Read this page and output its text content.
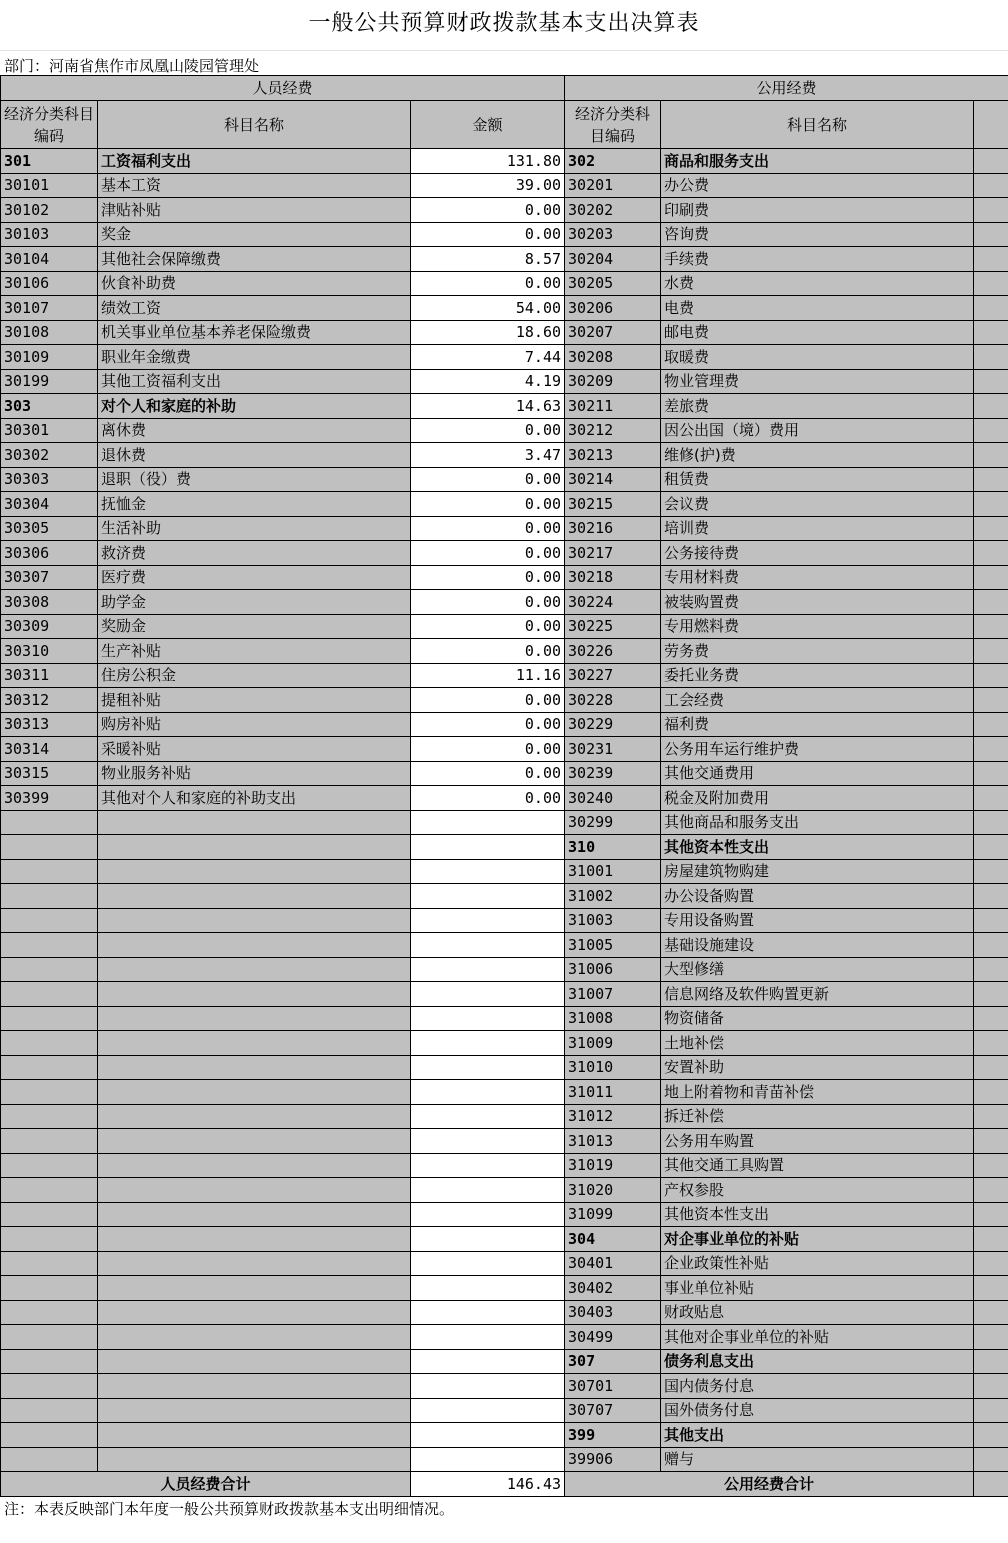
一般公共预算财政拨款基本支出决算表
部门：河南省焦作市凤凰山陵园管理处
人员经费			公用经费		
经济分类科目编码	科目名称	金额	经济分类科目编码	科目名称	
301	工资福利支出	131.80	302	商品和服务支出	
30101	基本工资	39.00	30201	办公费	
30102	津贴补贴	0.00	30202	印刷费	
30103	奖金	0.00	30203	咨询费	
30104	其他社会保障缴费	8.57	30204	手续费	
30106	伙食补助费	0.00	30205	水费	
30107	绩效工资	54.00	30206	电费	
30108	机关事业单位基本养老保险缴费	18.60	30207	邮电费	
30109	职业年金缴费	7.44	30208	取暖费	
30199	其他工资福利支出	4.19	30209	物业管理费	
303	对个人和家庭的补助	14.63	30211	差旅费	
30301	离休费	0.00	30212	因公出国（境）费用	
30302	退休费	3.47	30213	维修(护)费	
30303	退职（役）费	0.00	30214	租赁费	
30304	抚恤金	0.00	30215	会议费	
30305	生活补助	0.00	30216	培训费	
30306	救济费	0.00	30217	公务接待费	
30307	医疗费	0.00	30218	专用材料费	
30308	助学金	0.00	30224	被装购置费	
30309	奖励金	0.00	30225	专用燃料费	
30310	生产补贴	0.00	30226	劳务费	
30311	住房公积金	11.16	30227	委托业务费	
30312	提租补贴	0.00	30228	工会经费	
30313	购房补贴	0.00	30229	福利费	
30314	采暖补贴	0.00	30231	公务用车运行维护费	
30315	物业服务补贴	0.00	30239	其他交通费用	
30399	其他对个人和家庭的补助支出	0.00	30240	税金及附加费用	
			30299	其他商品和服务支出	
			310	其他资本性支出	
			31001	房屋建筑物购建	
			31002	办公设备购置	
			31003	专用设备购置	
			31005	基础设施建设	
			31006	大型修缮	
			31007	信息网络及软件购置更新	
			31008	物资储备	
			31009	土地补偿	
			31010	安置补助	
			31011	地上附着物和青苗补偿	
			31012	拆迁补偿	
			31013	公务用车购置	
			31019	其他交通工具购置	
			31020	产权参股	
			31099	其他资本性支出	
			304	对企事业单位的补贴	
			30401	企业政策性补贴	
			30402	事业单位补贴	
			30403	财政贴息	
			30499	其他对企事业单位的补贴	
			307	债务利息支出	
			30701	国内债务付息	
			30707	国外债务付息	
			399	其他支出	
			39906	赠与	
人员经费合计		146.43	公用经费合计		
注：本表反映部门本年度一般公共预算财政拨款基本支出明细情况。
